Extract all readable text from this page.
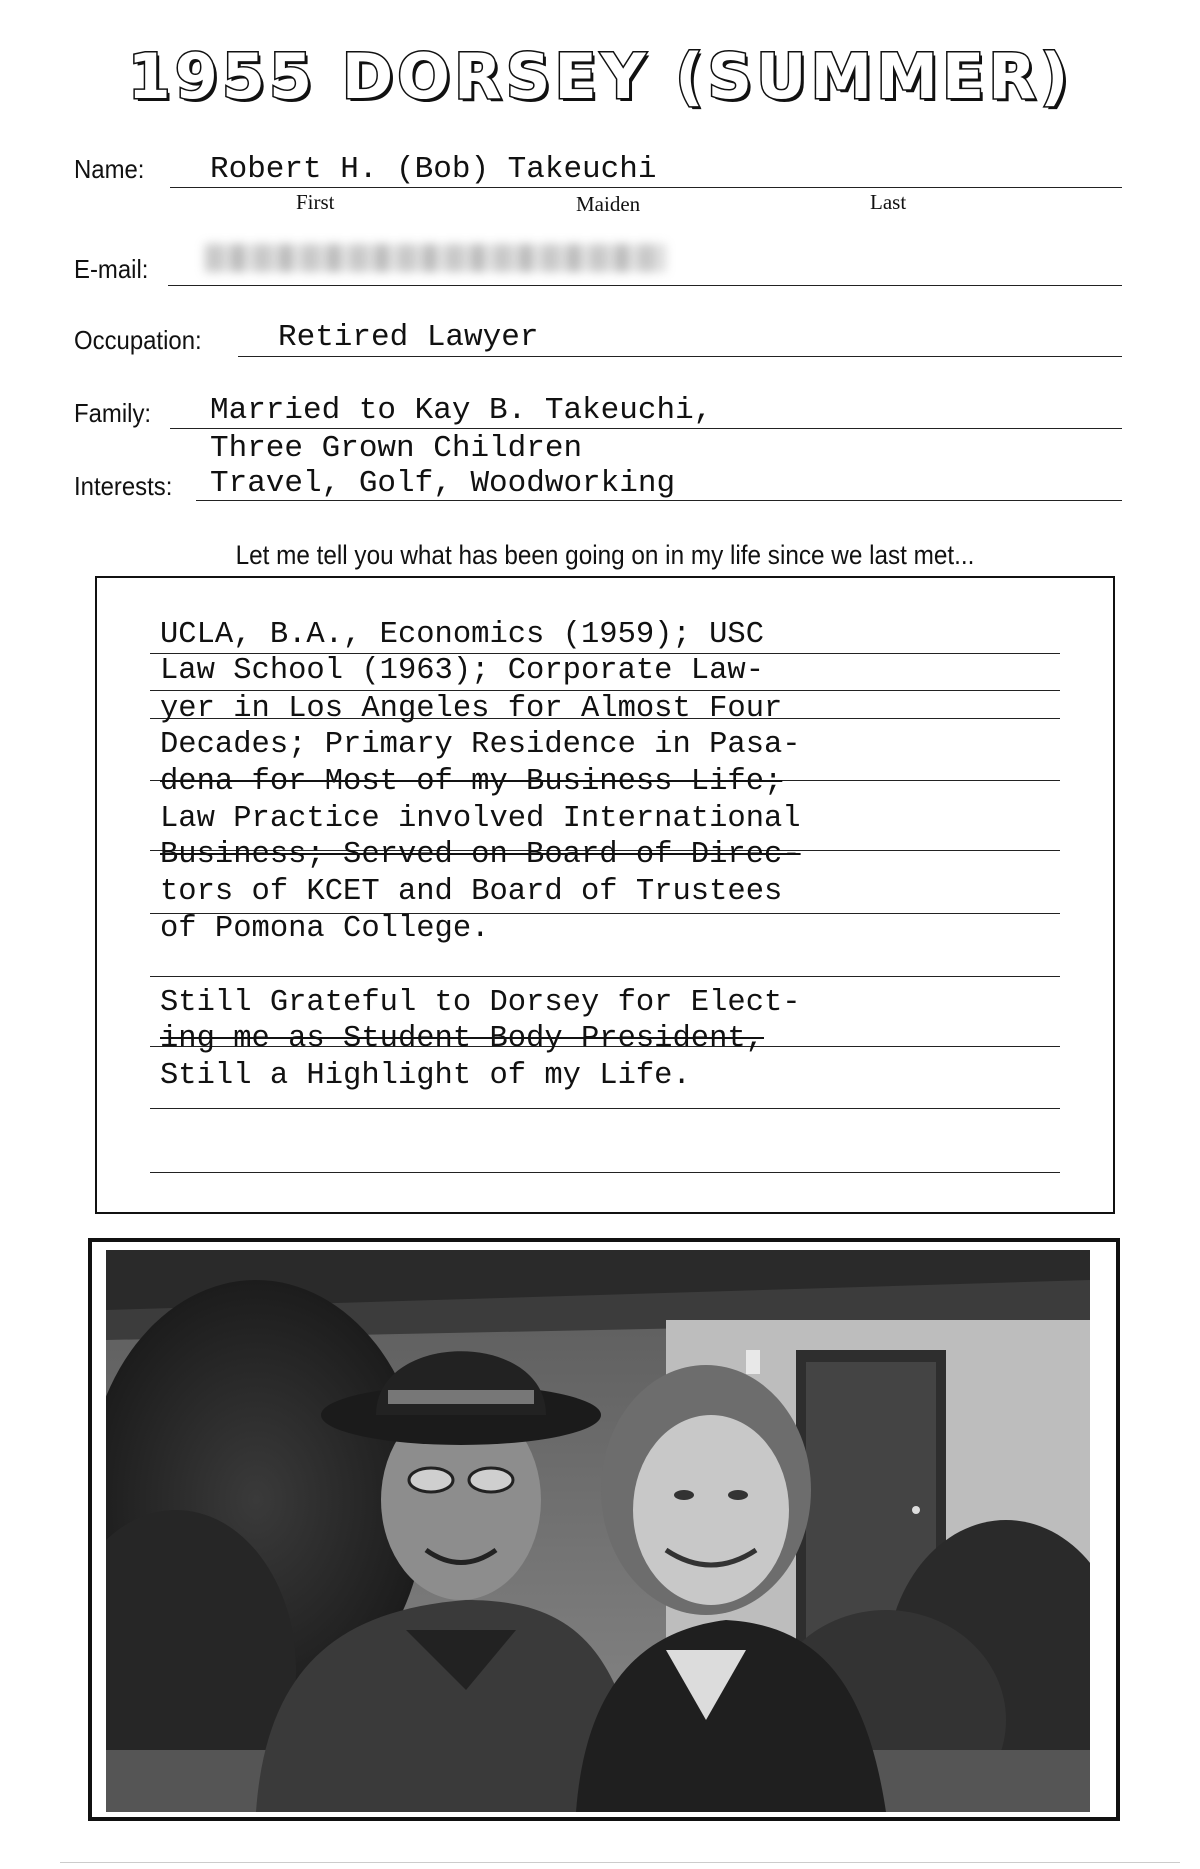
1955 DORSEY (SUMMER)
Name: Robert H. (Bob) Takeuchi
First	Maiden	Last
E-mail:
Occupation: Retired Lawyer
Family: Married to Kay B. Takeuchi,
Three Grown Children
Interests: Travel, Golf, Woodworking
Let me tell you what has been going on in my life since we last met...
UCLA, B.A., Economics (1959); USC
Law School (1963); Corporate Law-
yer in Los Angeles for Almost Four
Decades; Primary Residence in Pasa-
dena for Most of my Business Life;
Law Practice involved International
Business; Served on Board of Direc-
tors of KCET and Board of Trustees
of Pomona College.
Still Grateful to Dorsey for Elect-
ing me as Student Body President,
Still a Highlight of my Life.
